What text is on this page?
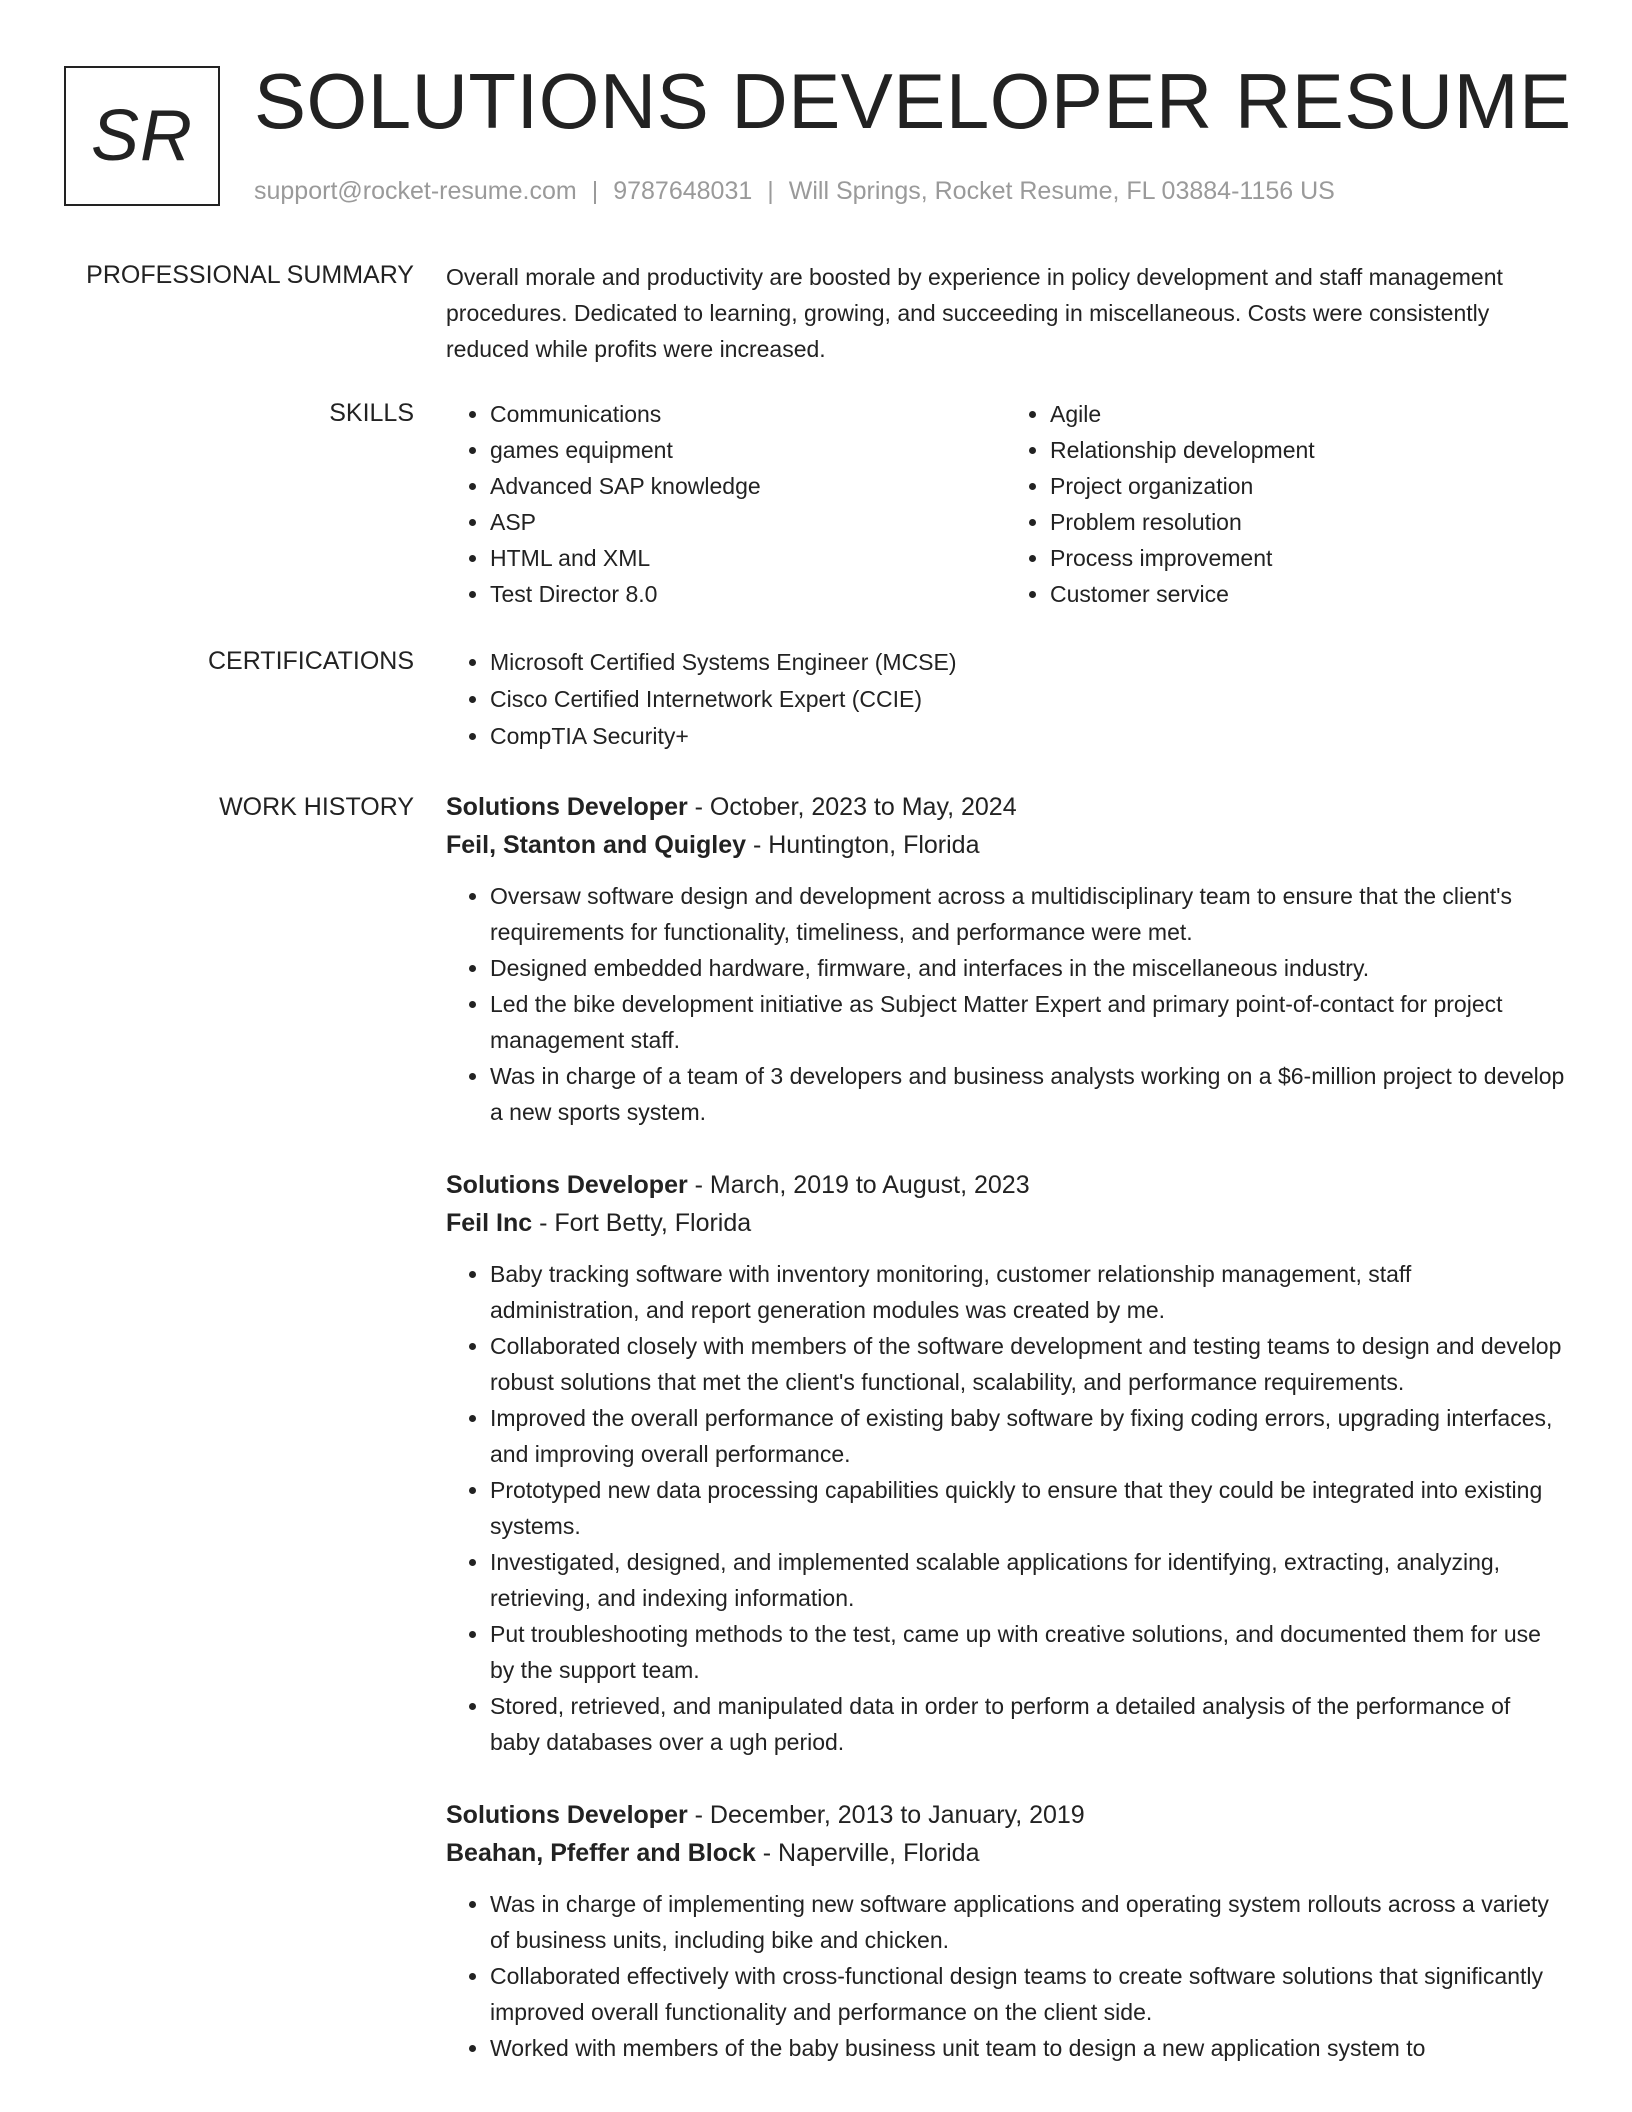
SR SOLUTIONS DEVELOPER RESUME
support@rocket-resume.com | 9787648031 | Will Springs, Rocket Resume, FL 03884-1156 US
PROFESSIONAL SUMMARY Overall morale and productivity are boosted by experience in policy development and staff management procedures. Dedicated to learning, growing, and succeeding in miscellaneous. Costs were consistently reduced while profits were increased.
SKILLS	• Communications
• games equipment
• Advanced SAP knowledge
• ASP
• HTML and XML
• Test Director 8.0
• Agile
• Relationship development
• Project organization
• Problem resolution
• Process improvement
• Customer service
CERTIFICATIONS	• Microsoft Certified Systems Engineer (MCSE)
• Cisco Certified Internetwork Expert (CCIE)
• CompTIA Security+
WORK HISTORY Solutions Developer - October, 2023 to May, 2024
Feil, Stanton and Quigley - Huntington, Florida
• Oversaw software design and development across a multidisciplinary team to ensure that the client's requirements for functionality, timeliness, and performance were met.
• Designed embedded hardware, firmware, and interfaces in the miscellaneous industry.
• Led the bike development initiative as Subject Matter Expert and primary point-of-contact for project management staff.
• Was in charge of a team of 3 developers and business analysts working on a $6-million project to develop a new sports system.
Solutions Developer - March, 2019 to August, 2023
Feil Inc - Fort Betty, Florida
• Baby tracking software with inventory monitoring, customer relationship management, staff administration, and report generation modules was created by me.
• Collaborated closely with members of the software development and testing teams to design and develop robust solutions that met the client's functional, scalability, and performance requirements.
• Improved the overall performance of existing baby software by fixing coding errors, upgrading interfaces, and improving overall performance.
• Prototyped new data processing capabilities quickly to ensure that they could be integrated into existing systems.
• Investigated, designed, and implemented scalable applications for identifying, extracting, analyzing, retrieving, and indexing information.
• Put troubleshooting methods to the test, came up with creative solutions, and documented them for use by the support team.
• Stored, retrieved, and manipulated data in order to perform a detailed analysis of the performance of baby databases over a ugh period.
Solutions Developer - December, 2013 to January, 2019
Beahan, Pfeffer and Block - Naperville, Florida
• Was in charge of implementing new software applications and operating system rollouts across a variety of business units, including bike and chicken.
• Collaborated effectively with cross-functional design teams to create software solutions that significantly improved overall functionality and performance on the client side.
• Worked with members of the baby business unit team to design a new application system to
